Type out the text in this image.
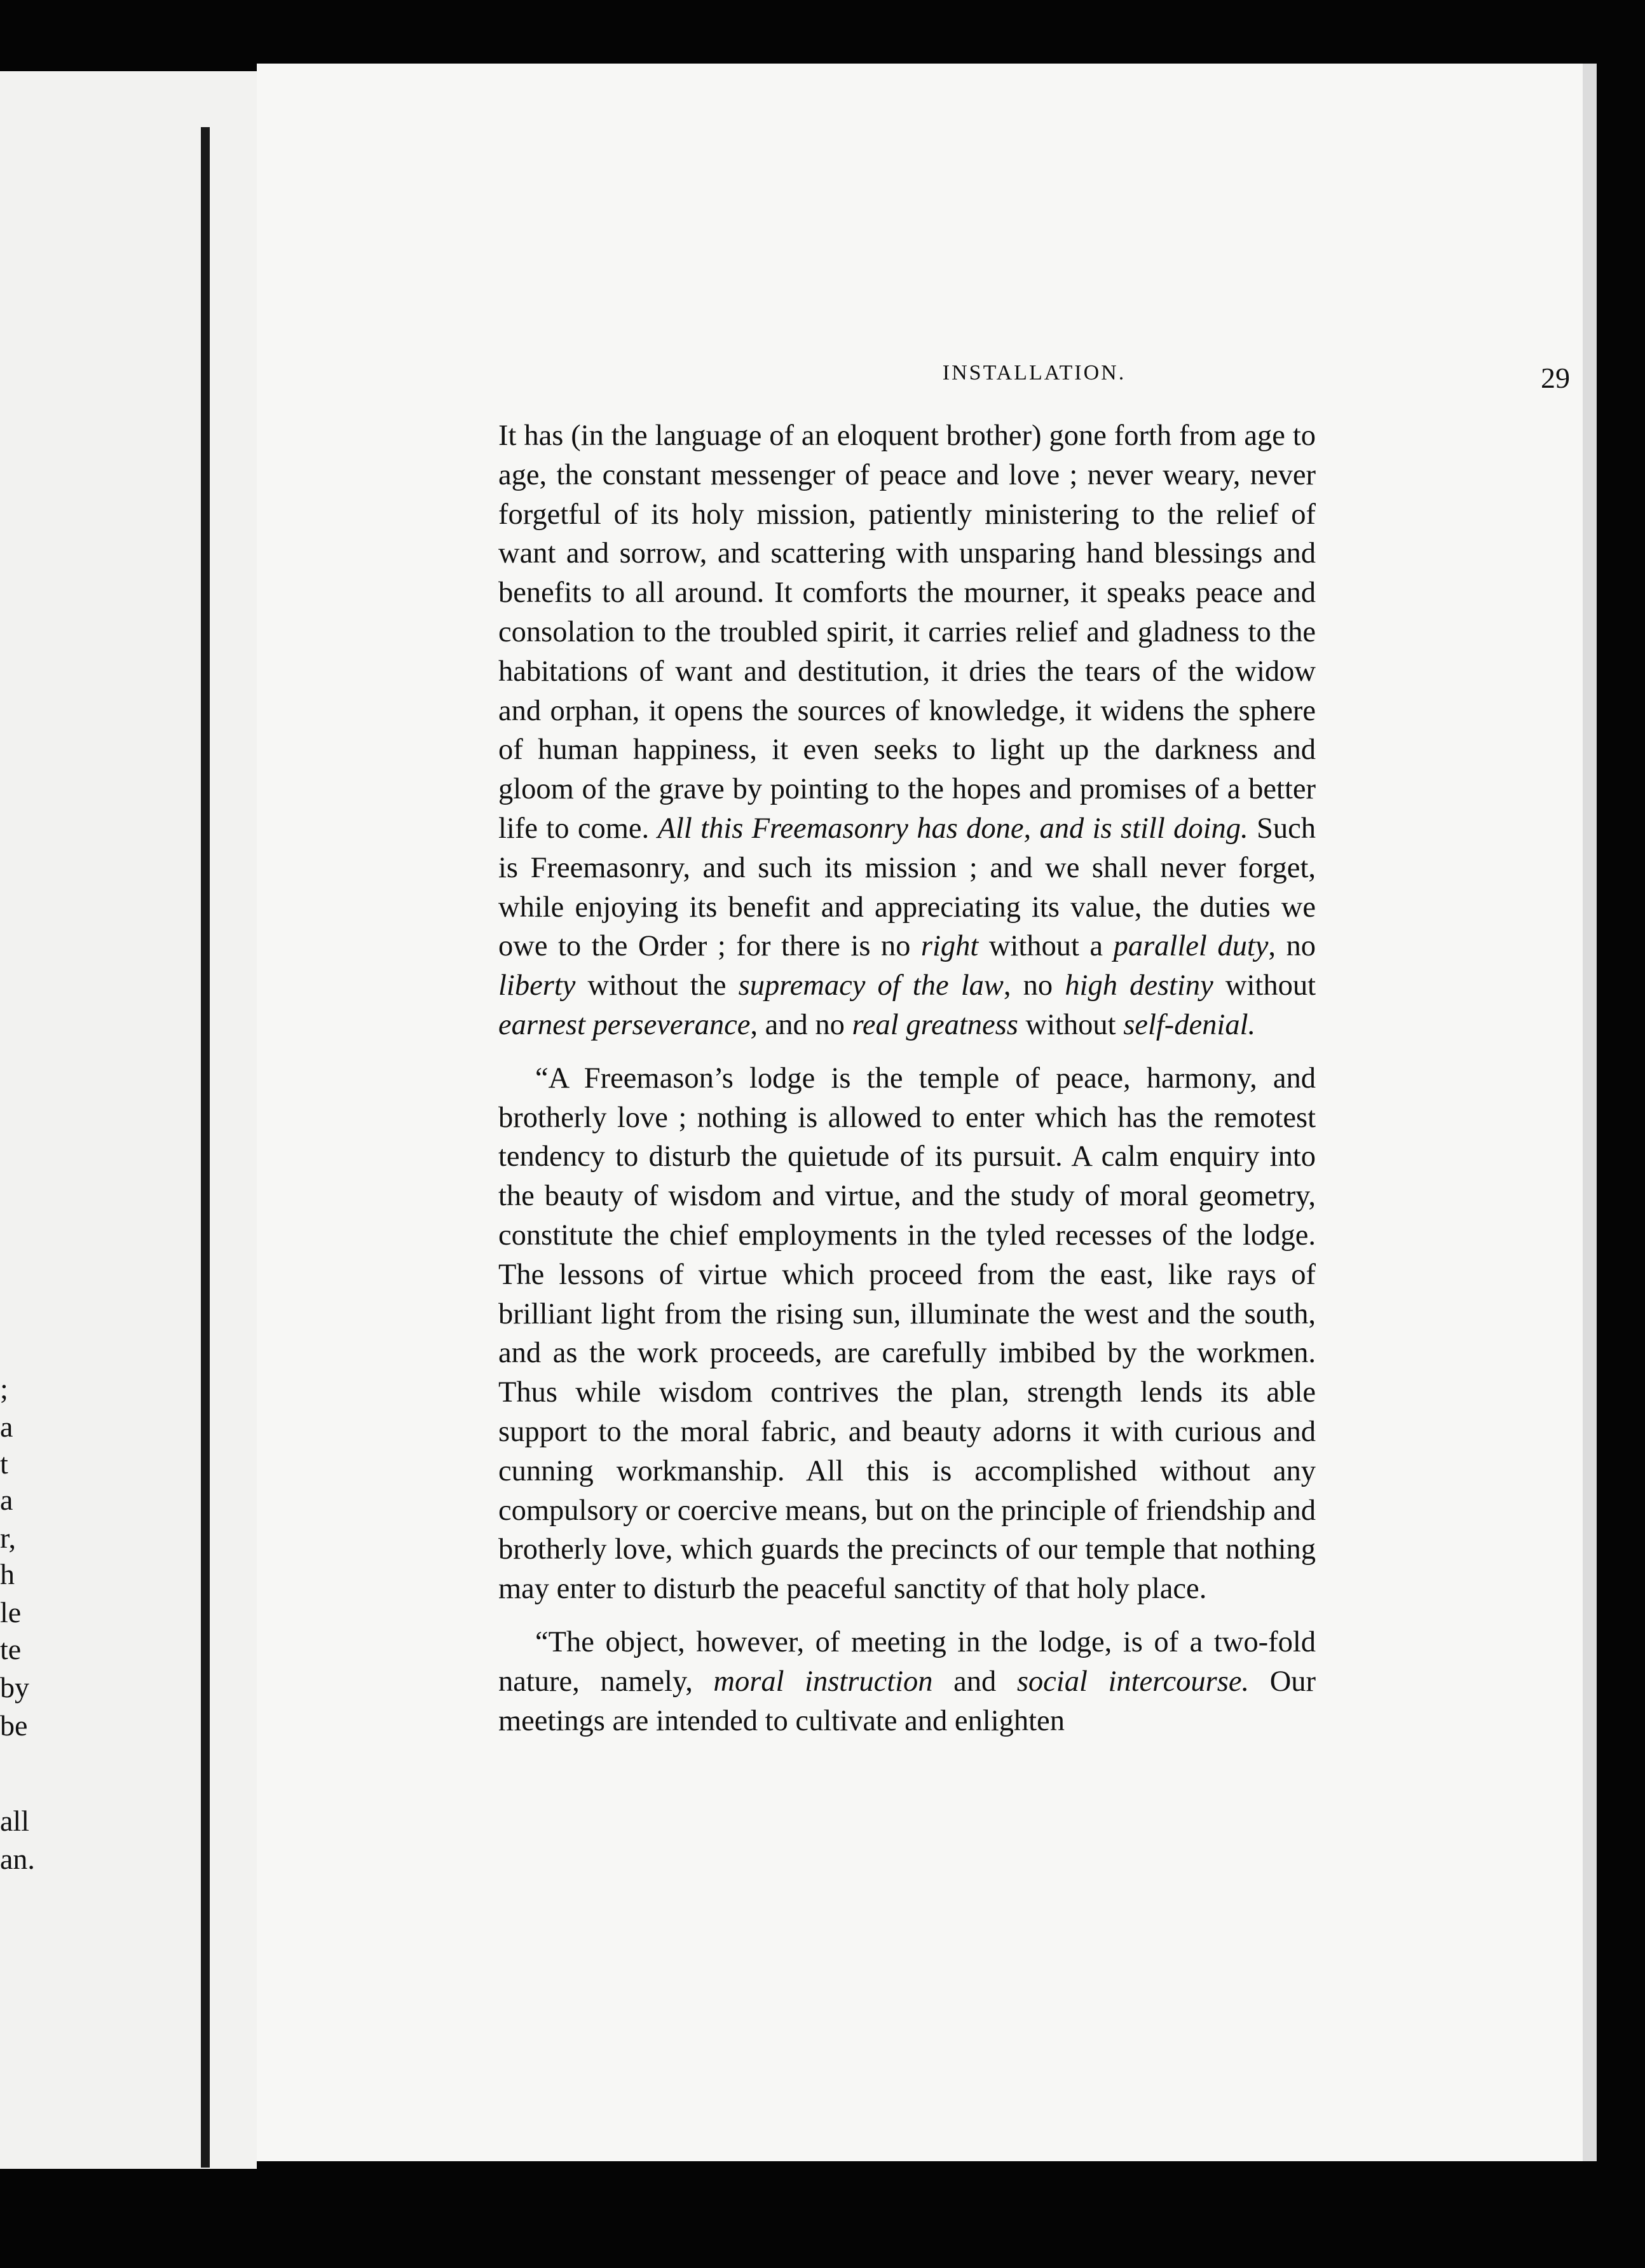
;
a
t
a
r,
h
le
te
by
be
all
an.
INSTALLATION.	29

It has (in the language of an eloquent brother) gone forth from age to age, the constant messenger of peace and love ; never weary, never forgetful of its holy mission, patiently ministering to the relief of want and sorrow, and scattering with unsparing hand blessings and benefits to all around. It comforts the mourner, it speaks peace and consolation to the troubled spirit, it carries relief and gladness to the habitations of want and destitution, it dries the tears of the widow and orphan, it opens the sources of knowledge, it widens the sphere of human happiness, it even seeks to light up the darkness and gloom of the grave by pointing to the hopes and promises of a better life to come. All this Freemasonry has done, and is still doing. Such is Freemasonry, and such its mission ; and we shall never forget, while enjoying its benefit and appreciating its value, the duties we owe to the Order ; for there is no right without a parallel duty, no liberty without the supremacy of the law, no high destiny without earnest perseverance, and no real greatness without self-denial.

“A Freemason’s lodge is the temple of peace, harmony, and brotherly love ; nothing is allowed to enter which has the remotest tendency to disturb the quietude of its pursuit. A calm enquiry into the beauty of wisdom and virtue, and the study of moral geometry, constitute the chief employments in the tyled recesses of the lodge. The lessons of virtue which proceed from the east, like rays of brilliant light from the rising sun, illuminate the west and the south, and as the work proceeds, are carefully imbibed by the workmen. Thus while wisdom contrives the plan, strength lends its able support to the moral fabric, and beauty adorns it with curious and cunning workmanship. All this is accomplished without any compulsory or coercive means, but on the principle of friendship and brotherly love, which guards the precincts of our temple that nothing may enter to disturb the peaceful sanctity of that holy place.

“The object, however, of meeting in the lodge, is of a two-fold nature, namely, moral instruction and social intercourse. Our meetings are intended to cultivate and enlighten
